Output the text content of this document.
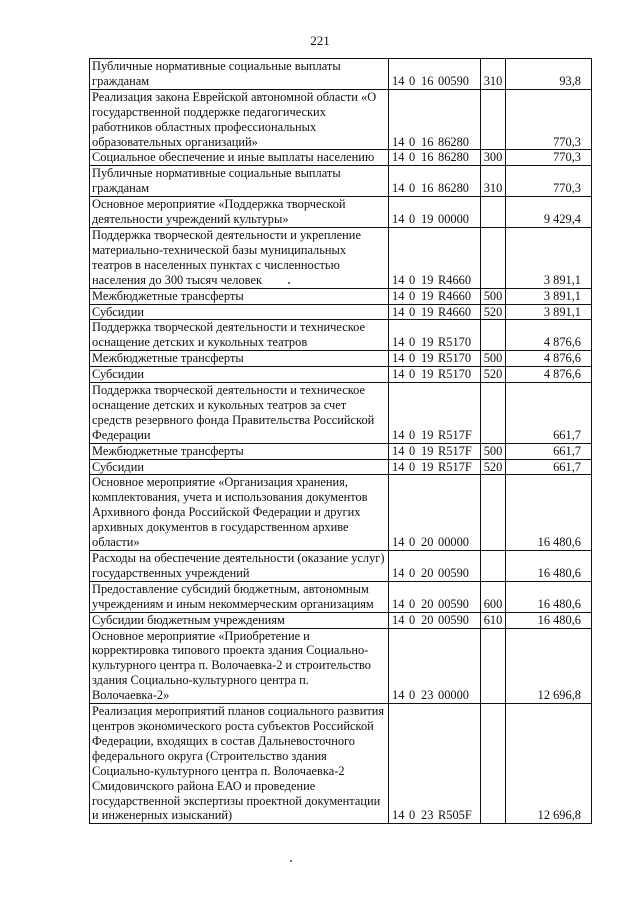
221
Публичные нормативные социальные выплаты гражданам	14 0 16 00590	310	93,8
Реализация закона Еврейской автономной области «О государственной поддержке педагогических работников областных профессиональных образовательных организаций»	14 0 16 86280		770,3
Социальное обеспечение и иные выплаты населению	14 0 16 86280	300	770,3
Публичные нормативные социальные выплаты гражданам	14 0 16 86280	310	770,3
Основное мероприятие «Поддержка творческой деятельности учреждений культуры»	14 0 19 00000		9 429,4
Поддержка творческой деятельности и укрепление материально-технической базы муниципальных театров в населенных пунктах с численностью населения до 300 тысяч человек	14 0 19 R4660		3 891,1
Межбюджетные трансферты	14 0 19 R4660	500	3 891,1
Субсидии	14 0 19 R4660	520	3 891,1
Поддержка творческой деятельности и техническое оснащение детских и кукольных театров	14 0 19 R5170		4 876,6
Межбюджетные трансферты	14 0 19 R5170	500	4 876,6
Субсидии	14 0 19 R5170	520	4 876,6
Поддержка творческой деятельности и техническое оснащение детских и кукольных театров за счет средств резервного фонда Правительства Российской Федерации	14 0 19 R517F		661,7
Межбюджетные трансферты	14 0 19 R517F	500	661,7
Субсидии	14 0 19 R517F	520	661,7
Основное мероприятие «Организация хранения, комплектования, учета и использования документов Архивного фонда Российской Федерации и других архивных документов в государственном архиве области»	14 0 20 00000		16 480,6
Расходы на обеспечение деятельности (оказание услуг) государственных учреждений	14 0 20 00590		16 480,6
Предоставление субсидий бюджетным, автономным учреждениям и иным некоммерческим организациям	14 0 20 00590	600	16 480,6
Субсидии бюджетным учреждениям	14 0 20 00590	610	16 480,6
Основное мероприятие «Приобретение и корректировка типового проекта здания Социально-культурного центра п. Волочаевка-2 и строительство здания Социально-культурного центра п. Волочаевка-2»	14 0 23 00000		12 696,8
Реализация мероприятий планов социального развития центров экономического роста субъектов Российской Федерации, входящих в состав Дальневосточного федерального округа (Строительство здания Социально-культурного центра п. Волочаевка-2 Смидовичского района ЕАО и проведение государственной экспертизы проектной документации и инженерных изысканий)	14 0 23 R505F		12 696,8
